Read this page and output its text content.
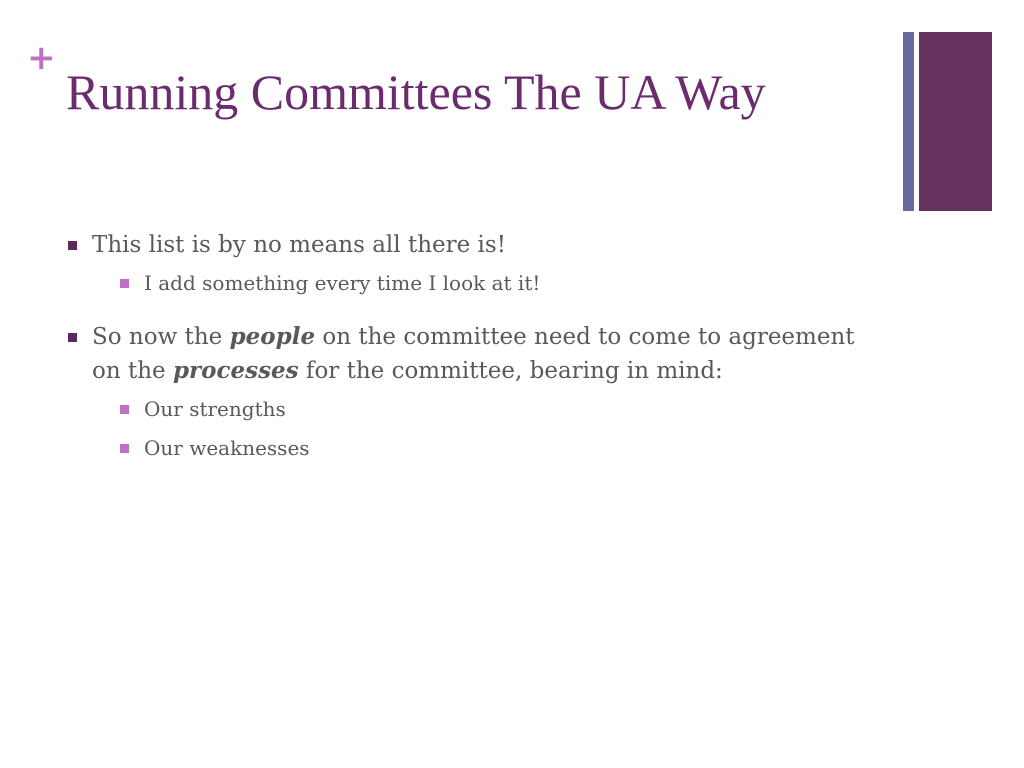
+
Running Committees The UA Way
This list is by no means all there is!
I add something every time I look at it!
So now the people on the committee need to come to agreement on the processes for the committee, bearing in mind:
Our strengths
Our weaknesses
